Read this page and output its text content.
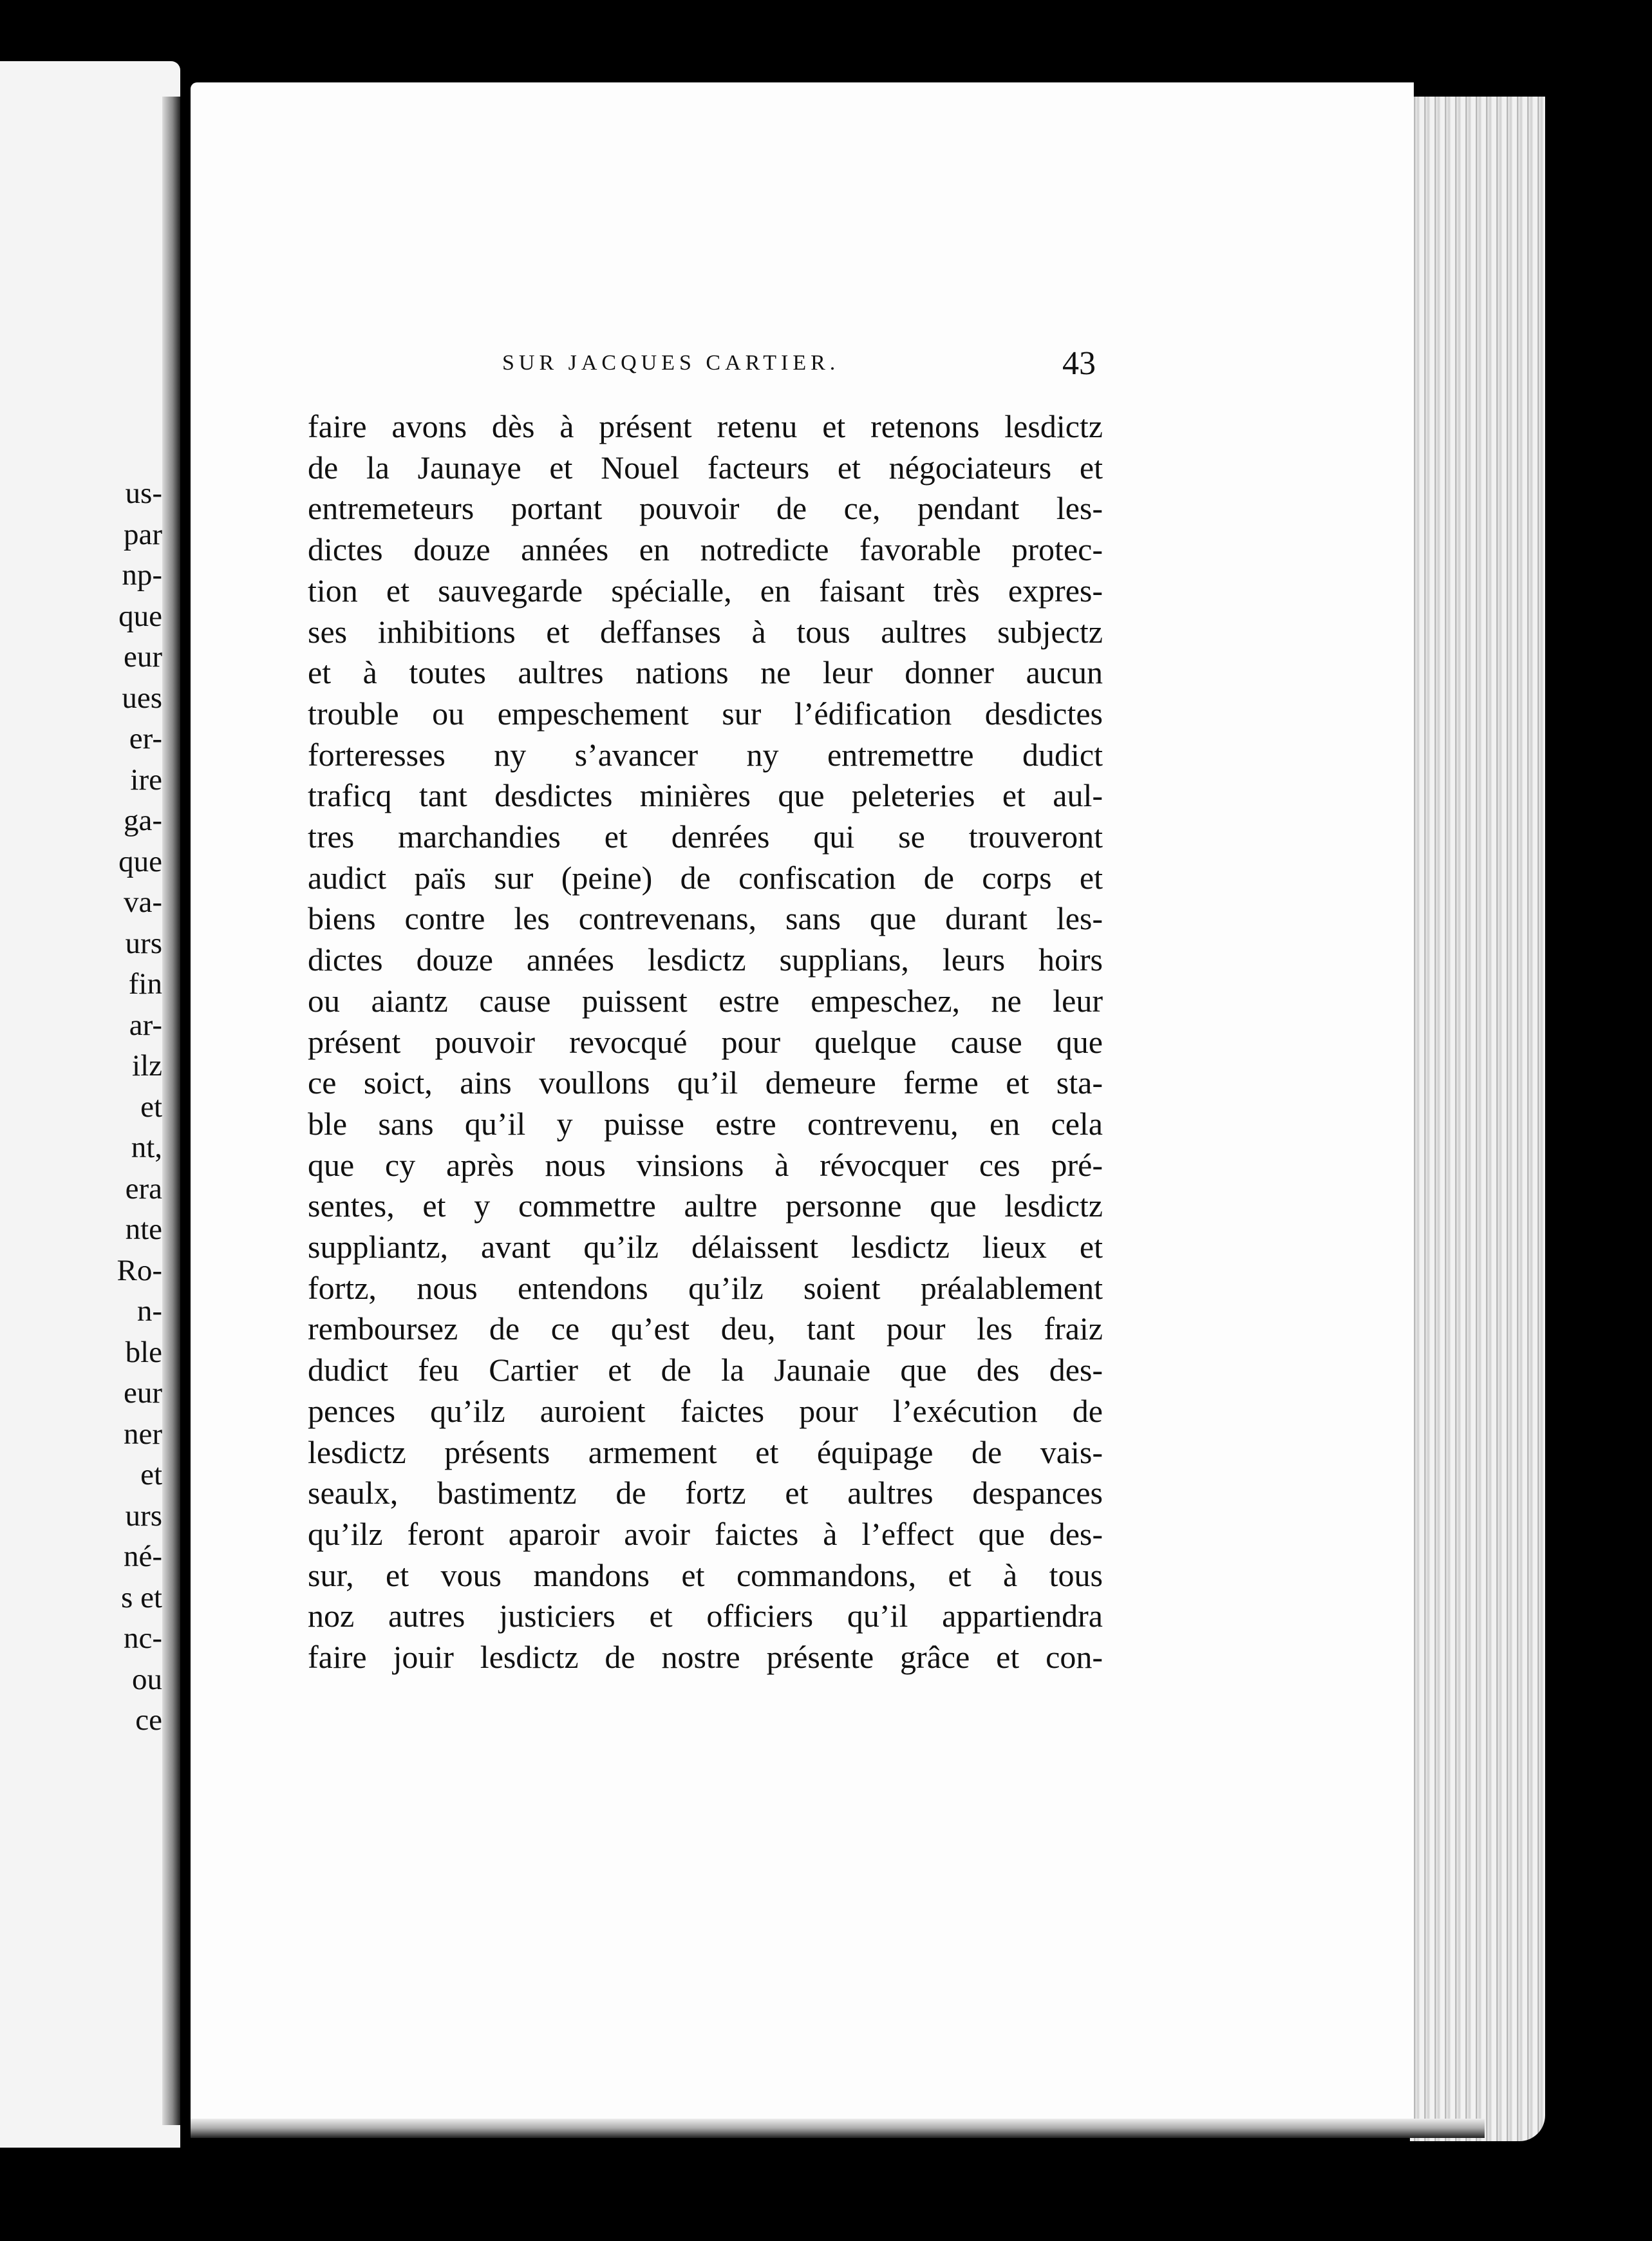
us-
par
np-
que
eur
ues
er-
ire
ga-
que
va-
urs
fin
ar-
ilz
et
nt,
era
nte
Ro-
n-
ble
eur
ner
et
urs
né-
s et
nc-
ou
ce
SUR JACQUES CARTIER.	43
faire avons dès à présent retenu et retenons lesdictz
de la Jaunaye et Nouel facteurs et négociateurs et
entremeteurs portant pouvoir de ce, pendant les-
dictes douze années en notredicte favorable protec-
tion et sauvegarde spécialle, en faisant très expres-
ses inhibitions et deffanses à tous aultres subjectz
et à toutes aultres nations ne leur donner aucun
trouble ou empeschement sur l’édification desdictes
forteresses ny s’avancer ny entremettre dudict
traficq tant desdictes minières que peleteries et aul-
tres marchandies et denrées qui se trouveront
audict païs sur (peine) de confiscation de corps et
biens contre les contrevenans, sans que durant les-
dictes douze années lesdictz supplians, leurs hoirs
ou aiantz cause puissent estre empeschez, ne leur
présent pouvoir revocqué pour quelque cause que
ce soict, ains voullons qu’il demeure ferme et sta-
ble sans qu’il y puisse estre contrevenu, en cela
que cy après nous vinsions à révocquer ces pré-
sentes, et y commettre aultre personne que lesdictz
suppliantz, avant qu’ilz délaissent lesdictz lieux et
fortz, nous entendons qu’ilz soient préalablement
remboursez de ce qu’est deu, tant pour les fraiz
dudict feu Cartier et de la Jaunaie que des des-
pences qu’ilz auroient faictes pour l’exécution de
lesdictz présents armement et équipage de vais-
seaulx, bastimentz de fortz et aultres despances
qu’ilz feront aparoir avoir faictes à l’effect que des-
sur, et vous mandons et commandons, et à tous
noz autres justiciers et officiers qu’il appartiendra
faire jouir lesdictz de nostre présente grâce et con-
